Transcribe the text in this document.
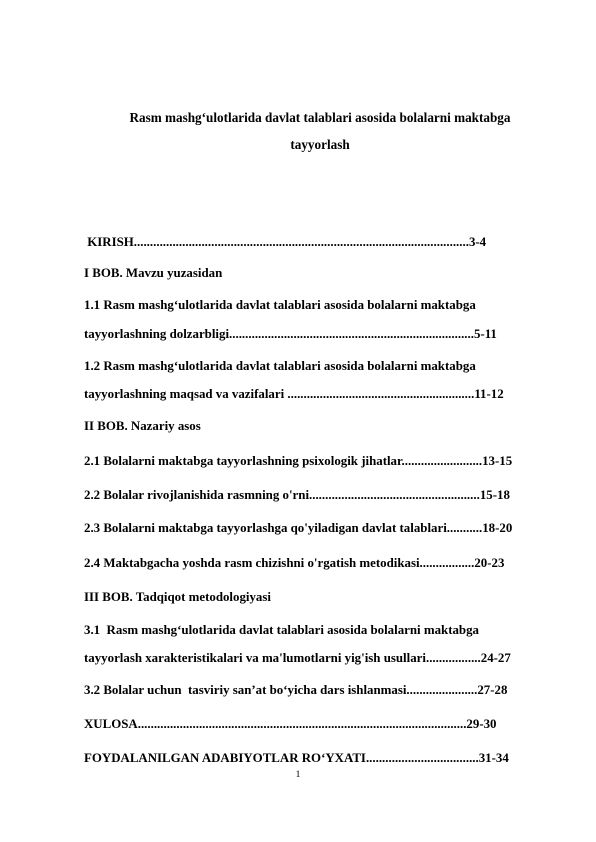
Rasm mashg‘ulotlarida davlat talablari asosida bolalarni maktabga
tayyorlash
KIRISH........................................................................................................3-4
I BOB. Mavzu yuzasidan
1.1 Rasm mashg‘ulotlarida davlat talablari asosida bolalarni maktabga
tayyorlashning dolzarbligi............................................................................5-11
1.2 Rasm mashg‘ulotlarida davlat talablari asosida bolalarni maktabga
tayyorlashning maqsad va vazifalari ..........................................................11-12
II BOB. Nazariy asos
2.1 Bolalarni maktabga tayyorlashning psixologik jihatlar.........................13-15
2.2 Bolalar rivojlanishida rasmning o'rni.....................................................15-18
2.3 Bolalarni maktabga tayyorlashga qo'yiladigan davlat talablari...........18-20
2.4 Maktabgacha yoshda rasm chizishni o'rgatish metodikasi.................20-23
III BOB. Tadqiqot metodologiyasi
3.1  Rasm mashg‘ulotlarida davlat talablari asosida bolalarni maktabga
tayyorlash xarakteristikalari va ma'lumotlarni yig'ish usullari.................24-27
3.2 Bolalar uchun  tasviriy san’at bo‘yicha dars ishlanmasi......................27-28
XULOSA......................................................................................................29-30
FOYDALANILGAN ADABIYOTLAR RO‘YXATI...................................31-34
1
